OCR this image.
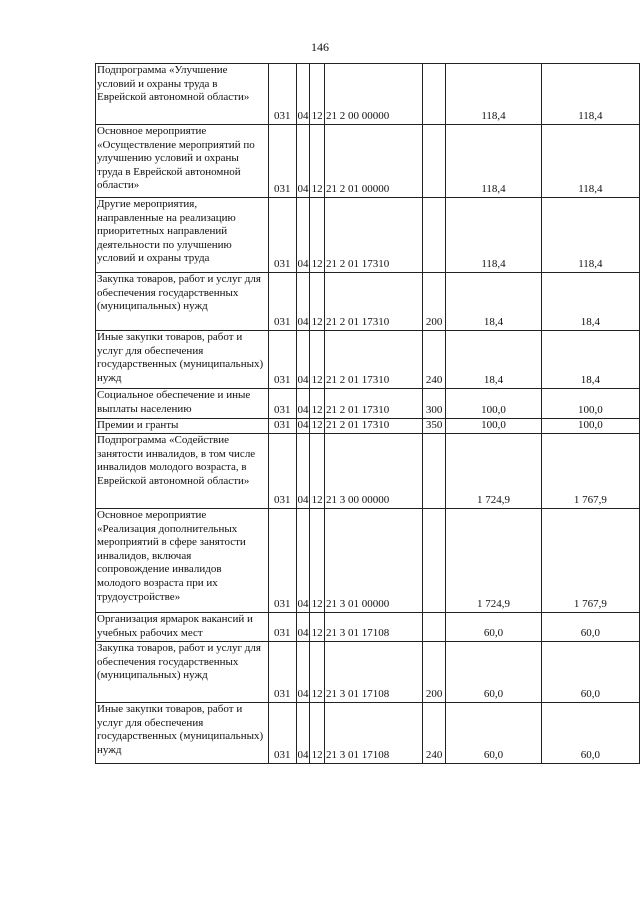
146
Подпрограмма «Улучшение условий и охраны труда в Еврейской автономной области»	031	04	12	21 2 00 00000		118,4	118,4

Основное мероприятие «Осуществление мероприятий по улучшению условий и охраны труда в Еврейской автономной области»	031	04	12	21 2 01 00000		118,4	118,4

Другие мероприятия, направленные на реализацию приоритетных направлений деятельности по улучшению условий и охраны труда	031	04	12	21 2 01 17310		118,4	118,4

Закупка товаров, работ и услуг для обеспечения государственных (муниципальных) нужд	031	04	12	21 2 01 17310	200	18,4	18,4

Иные закупки товаров, работ и услуг для обеспечения государственных (муниципальных) нужд	031	04	12	21 2 01 17310	240	18,4	18,4

Социальное обеспечение и иные выплаты населению	031	04	12	21 2 01 17310	300	100,0	100,0

Премии и гранты	031	04	12	21 2 01 17310	350	100,0	100,0

Подпрограмма «Содействие занятости инвалидов, в том числе инвалидов молодого возраста, в Еврейской автономной области»	031	04	12	21 3 00 00000		1 724,9	1 767,9

Основное мероприятие «Реализация дополнительных мероприятий в сфере занятости инвалидов, включая сопровождение инвалидов молодого возраста при их трудоустройстве»	031	04	12	21 3 01 00000		1 724,9	1 767,9

Организация ярмарок вакансий и учебных рабочих мест	031	04	12	21 3 01 17108		60,0	60,0

Закупка товаров, работ и услуг для обеспечения государственных (муниципальных) нужд	031	04	12	21 3 01 17108	200	60,0	60,0

Иные закупки товаров, работ и услуг для обеспечения государственных (муниципальных) нужд	031	04	12	21 3 01 17108	240	60,0	60,0
